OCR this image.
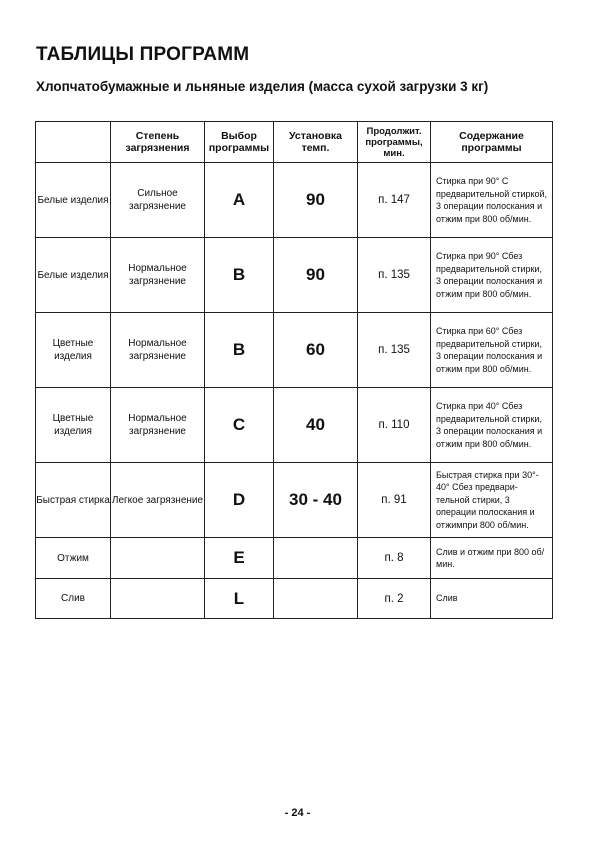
ТАБЛИЦЫ ПРОГРАММ
Хлопчатобумажные и льняные изделия (масса сухой загрузки 3 кг)
	Степень загрязнения	Выбор программы	Установка темп.	Продолжит. программы, мин.	Содержание программы
Белые изделия	Сильное загрязнение	A	90	п. 147	Стирка при 90° С предварительной стиркой, 3 операции полоскания и отжим при 800 об/мин.
Белые изделия	Нормальное загрязнение	B	90	п. 135	Стирка при 90° Сбез предварительной стирки, 3 операции полоскания и отжим при 800 об/мин.
Цветные изделия	Нормальное загрязнение	B	60	п. 135	Стирка при 60° Сбез предварительной стирки, 3 операции полоскания и отжим при 800 об/мин.
Цветные изделия	Нормальное загрязнение	C	40	п. 110	Стирка при 40° Сбез предварительной стирки, 3 операции полоскания и отжим при 800 об/мин.
Быстрая стирка	Легкое загрязнение	D	30 - 40	п. 91	Быстрая стирка при 30°- 40° Сбез предвари- тельной стирки, 3 операции полоскания и отжимпри 800 об/мин.
Отжим		E		п. 8	Слив и отжим при 800 об/мин.
Слив		L		п. 2	Слив
- 24 -
